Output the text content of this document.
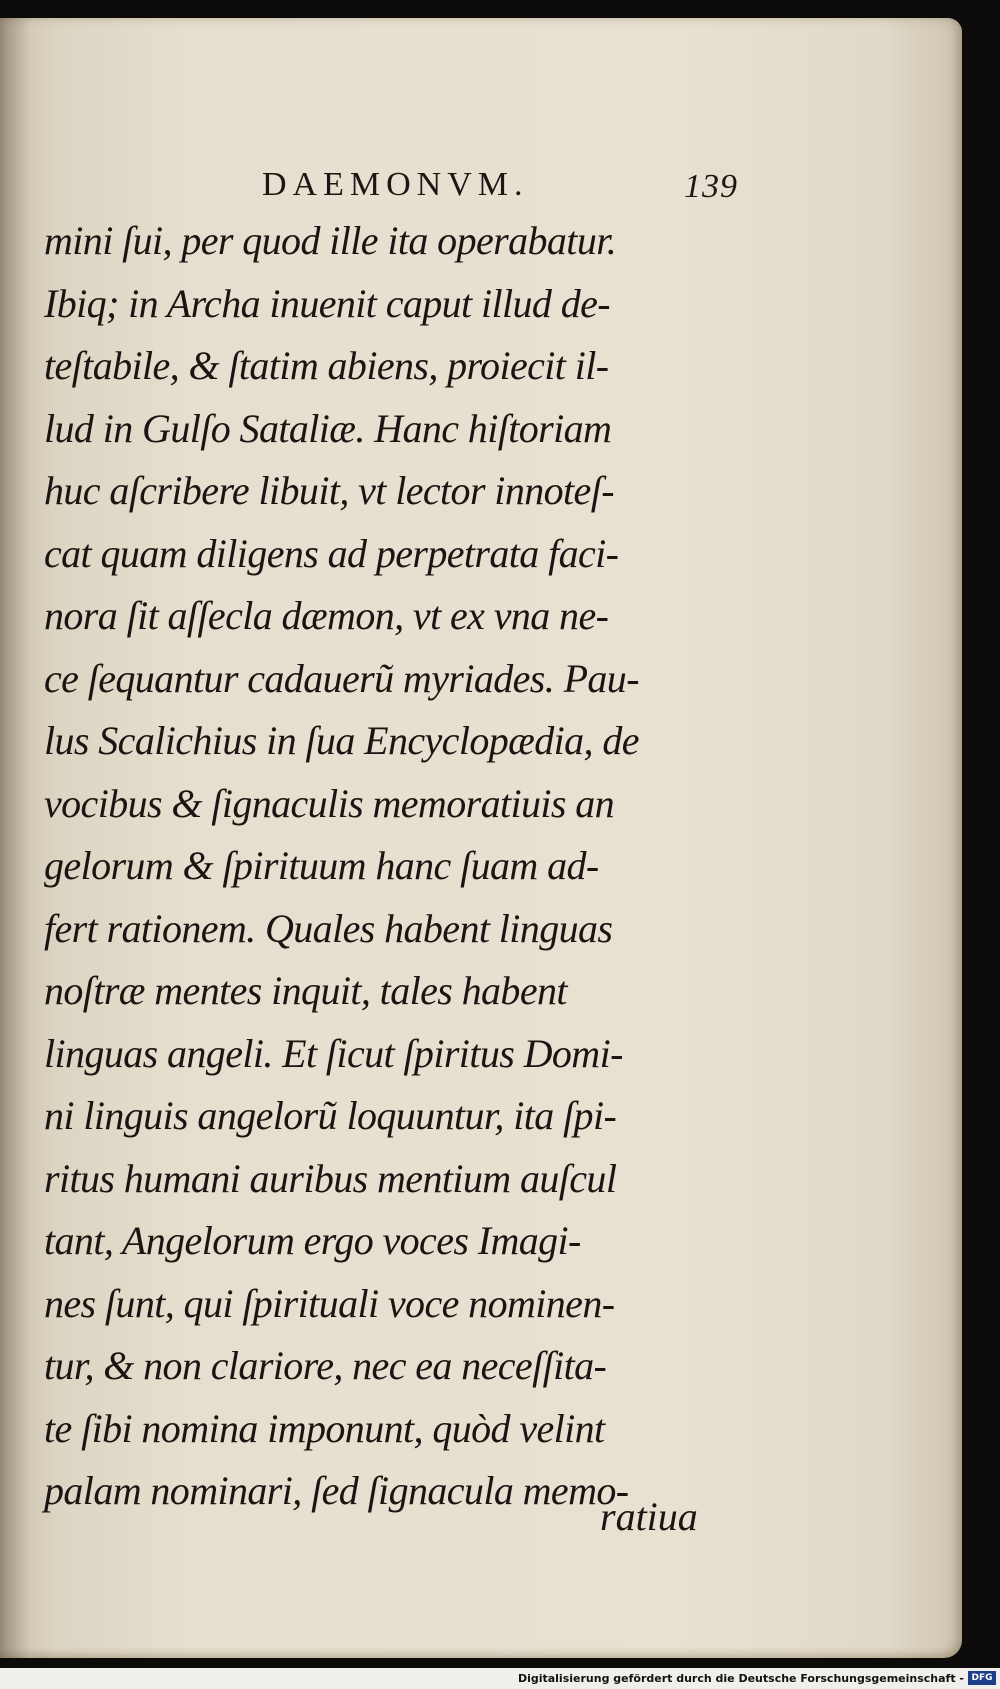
DAEMONVM.	139
mini ſui, per quod ille ita operabatur.
Ibiq; in Archa inuenit caput illud de-
teſtabile, & ſtatim abiens, proiecit il-
lud in Gulſo Sataliæ. Hanc hiſtoriam
huc aſcribere libuit, vt lector innoteſ-
cat quam diligens ad perpetrata faci-
nora ſit aſſecla dæmon, vt ex vna ne-
ce ſequantur cadauerũ myriades. Pau-
lus Scalichius in ſua Encyclopædia, de
vocibus & ſignaculis memoratiuis an
gelorum & ſpirituum hanc ſuam ad-
fert rationem. Quales habent linguas
noſtræ mentes inquit, tales habent
linguas angeli. Et ſicut ſpiritus Domi-
ni linguis angelorũ loquuntur, ita ſpi-
ritus humani auribus mentium auſcul
tant, Angelorum ergo voces Imagi-
nes ſunt, qui ſpirituali voce nominen-
tur, & non clariore, nec ea neceſſita-
te ſibi nomina imponunt, quòd velint
palam nominari, ſed ſignacula memo-
ratiua
Digitalisierung gefördert durch die Deutsche Forschungsgemeinschaft - DFG
